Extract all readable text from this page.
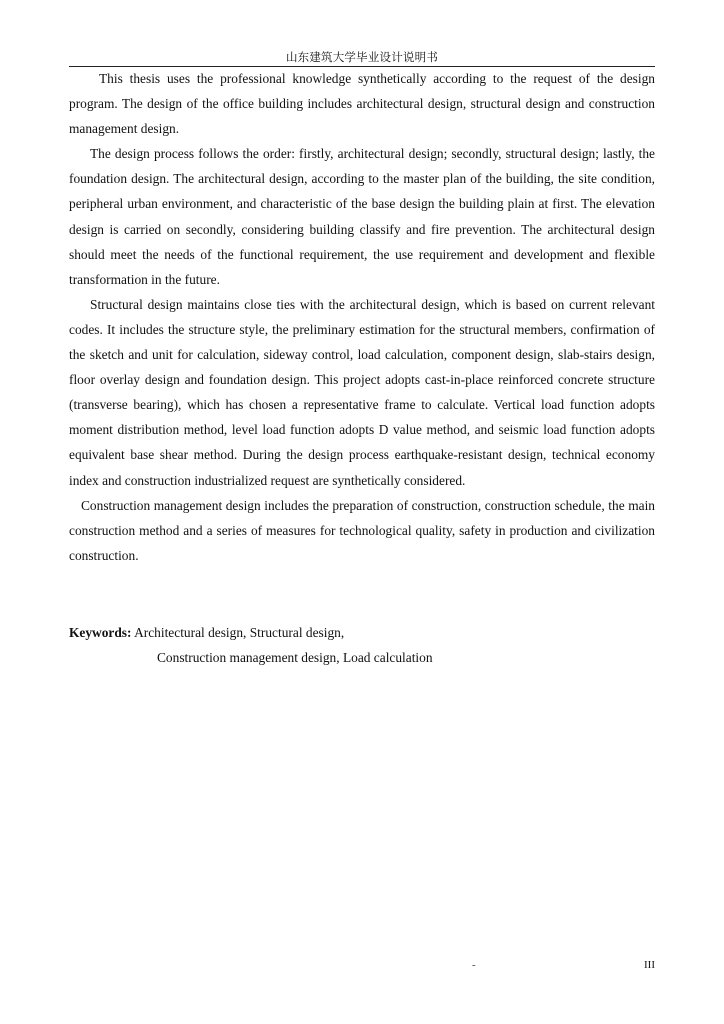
山东建筑大学毕业设计说明书

This thesis uses the professional knowledge synthetically according to the request of the design program. The design of the office building includes architectural design, structural design and construction management design.

The design process follows the order: firstly, architectural design; secondly, structural design; lastly, the foundation design. The architectural design, according to the master plan of the building, the site condition, peripheral urban environment, and characteristic of the base design the building plain at first. The elevation design is carried on secondly, considering building classify and fire prevention. The architectural design should meet the needs of the functional requirement, the use requirement and development and flexible transformation in the future.

Structural design maintains close ties with the architectural design, which is based on current relevant codes. It includes the structure style, the preliminary estimation for the structural members, confirmation of the sketch and unit for calculation, sideway control, load calculation, component design, slab-stairs design, floor overlay design and foundation design. This project adopts cast-in-place reinforced concrete structure (transverse bearing), which has chosen a representative frame to calculate. Vertical load function adopts moment distribution method, level load function adopts D value method, and seismic load function adopts equivalent base shear method. During the design process earthquake-resistant design, technical economy index and construction industrialized request are synthetically considered.

Construction management design includes the preparation of construction, construction schedule, the main construction method and a series of measures for technological quality, safety in production and civilization construction.

Keywords: Architectural design, Structural design,
Construction management design, Load calculation
-	III
